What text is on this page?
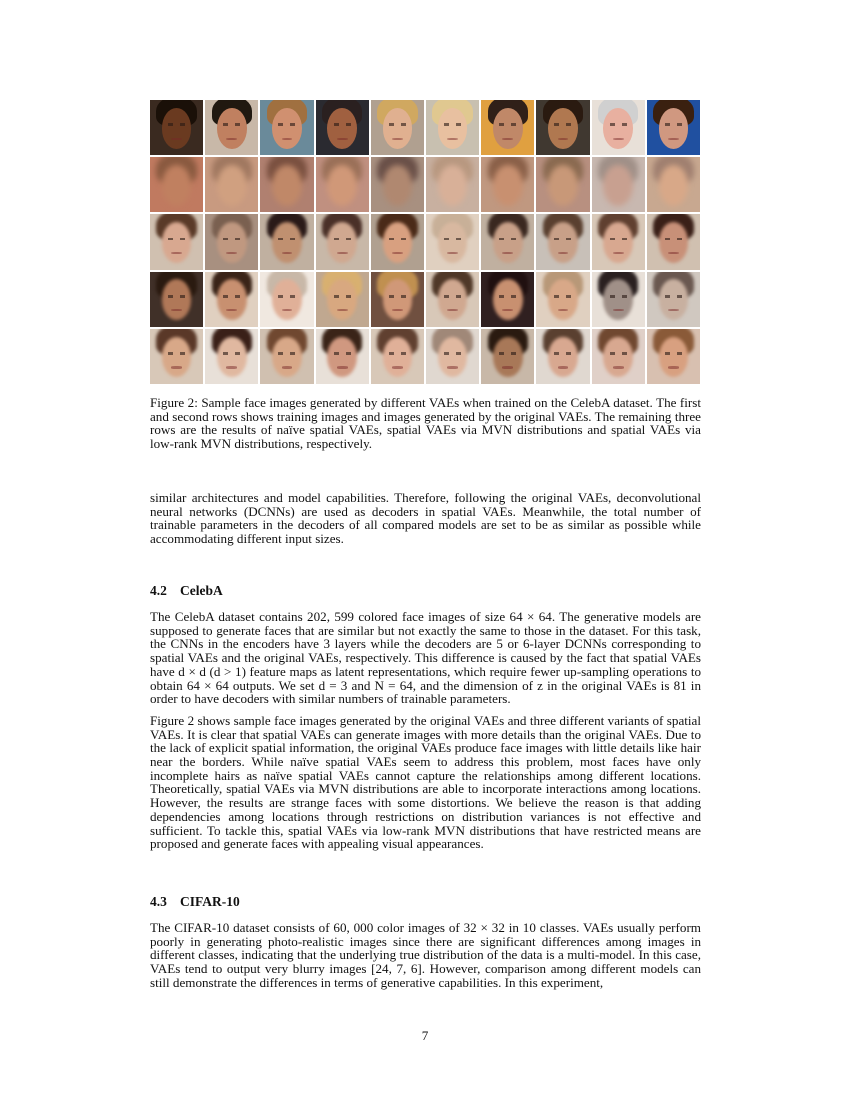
Figure 2: Sample face images generated by different VAEs when trained on the CelebA dataset. The first and second rows shows training images and images generated by the original VAEs. The remaining three rows are the results of naïve spatial VAEs, spatial VAEs via MVN distributions and spatial VAEs via low-rank MVN distributions, respectively.
similar architectures and model capabilities. Therefore, following the original VAEs, deconvolutional neural networks (DCNNs) are used as decoders in spatial VAEs. Meanwhile, the total number of trainable parameters in the decoders of all compared models are set to be as similar as possible while accommodating different input sizes.
4.2 CelebA

The CelebA dataset contains 202, 599 colored face images of size 64 × 64. The generative models are supposed to generate faces that are similar but not exactly the same to those in the dataset. For this task, the CNNs in the encoders have 3 layers while the decoders are 5 or 6-layer DCNNs corresponding to spatial VAEs and the original VAEs, respectively. This difference is caused by the fact that spatial VAEs have d × d (d > 1) feature maps as latent representations, which require fewer up-sampling operations to obtain 64 × 64 outputs. We set d = 3 and N = 64, and the dimension of z in the original VAEs is 81 in order to have decoders with similar numbers of trainable parameters.

Figure 2 shows sample face images generated by the original VAEs and three different variants of spatial VAEs. It is clear that spatial VAEs can generate images with more details than the original VAEs. Due to the lack of explicit spatial information, the original VAEs produce face images with little details like hair near the borders. While naïve spatial VAEs seem to address this problem, most faces have only incomplete hairs as naïve spatial VAEs cannot capture the relationships among different locations. Theoretically, spatial VAEs via MVN distributions are able to incorporate interactions among locations. However, the results are strange faces with some distortions. We believe the reason is that adding dependencies among locations through restrictions on distribution variances is not effective and sufficient. To tackle this, spatial VAEs via low-rank MVN distributions that have restricted means are proposed and generate faces with appealing visual appearances.

4.3 CIFAR-10
The CIFAR-10 dataset consists of 60, 000 color images of 32 × 32 in 10 classes. VAEs usually perform poorly in generating photo-realistic images since there are significant differences among images in different classes, indicating that the underlying true distribution of the data is a multi-model. In this case, VAEs tend to output very blurry images [24, 7, 6]. However, comparison among different models can still demonstrate the differences in terms of generative capabilities. In this experiment,
7
